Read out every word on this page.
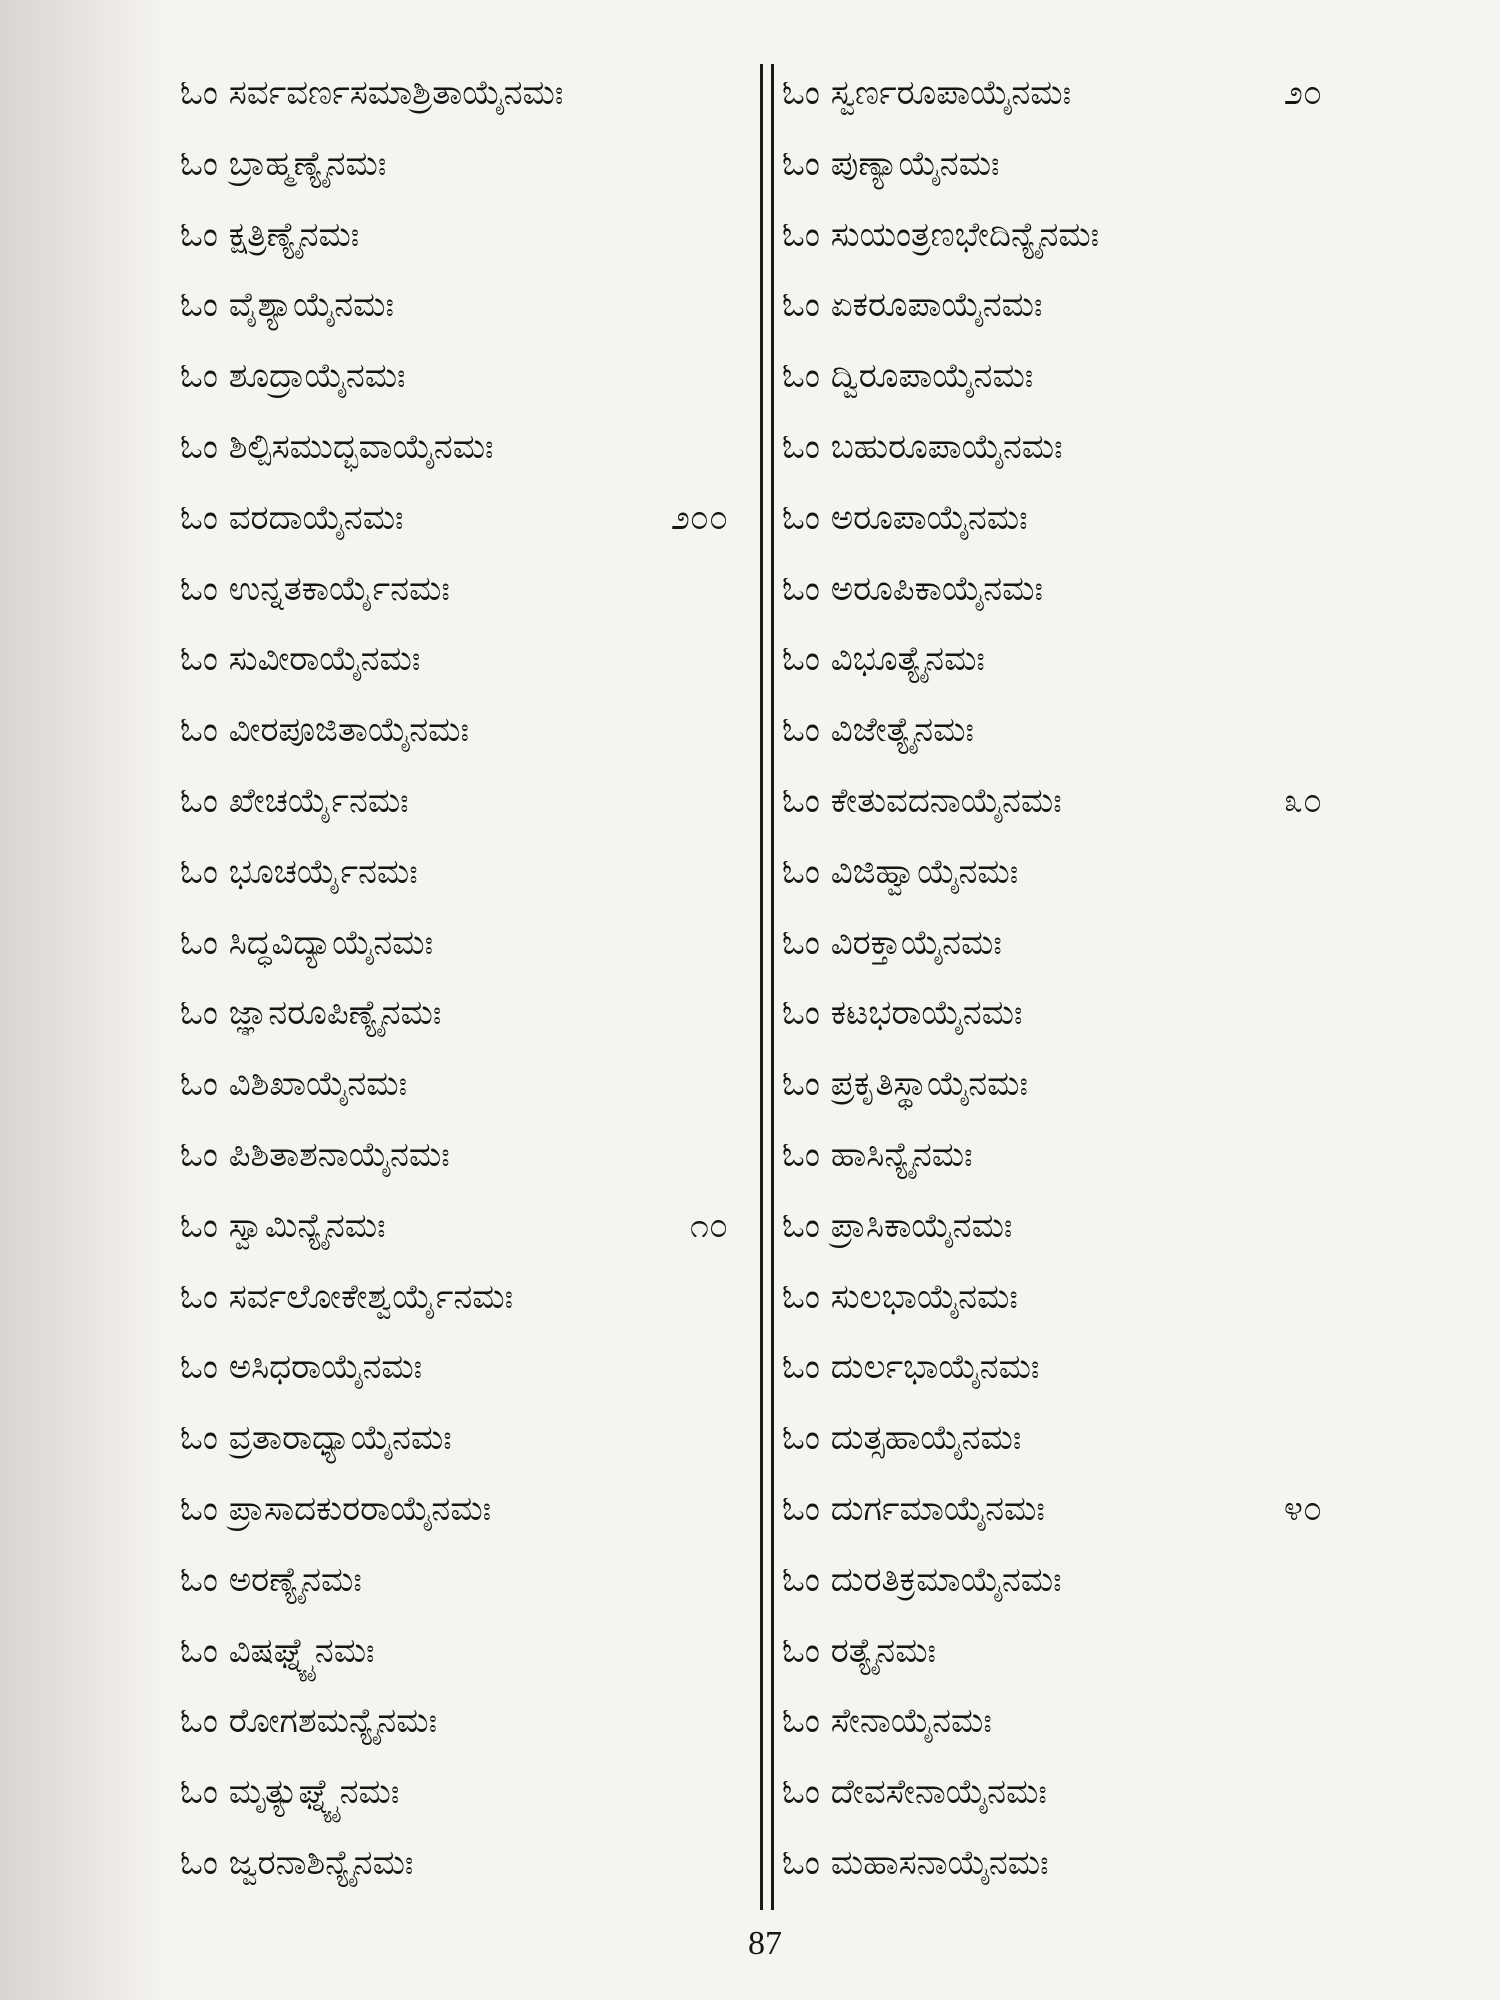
ಓಂ ಸರ್ವವರ್ಣಸಮಾಶ್ರಿತಾಯೈನಮಃ
ಓಂ ಬ್ರಾಹ್ಮಣ್ಯೈನಮಃ
ಓಂ ಕ್ಷತ್ರಿಣ್ಯೈನಮಃ
ಓಂ ವೈಶ್ಯಾಯೈನಮಃ
ಓಂ ಶೂದ್ರಾಯೈನಮಃ
ಓಂ ಶಿಲ್ಪಿಸಮುದ್ಭವಾಯೈನಮಃ
ಓಂ ವರದಾಯೈನಮಃ	೨೦೦
ಓಂ ಉನ್ನತಕಾರ್ಯೈನಮಃ
ಓಂ ಸುವೀರಾಯೈನಮಃ
ಓಂ ವೀರಪೂಜಿತಾಯೈನಮಃ
ಓಂ ಖೇಚರ್ಯೈನಮಃ
ಓಂ ಭೂಚರ್ಯೈನಮಃ
ಓಂ ಸಿದ್ಧವಿದ್ಯಾಯೈನಮಃ
ಓಂ ಜ್ಞಾನರೂಪಿಣ್ಯೈನಮಃ
ಓಂ ವಿಶಿಖಾಯೈನಮಃ
ಓಂ ಪಿಶಿತಾಶನಾಯೈನಮಃ
ಓಂ ಸ್ವಾಮಿನ್ಯೈನಮಃ	೧೦
ಓಂ ಸರ್ವಲೋಕೇಶ್ವರ್ಯೈನಮಃ
ಓಂ ಅಸಿಧರಾಯೈನಮಃ
ಓಂ ವ್ರತಾರಾಧ್ಯಾಯೈನಮಃ
ಓಂ ಪ್ರಾಸಾದಕುರರಾಯೈನಮಃ
ಓಂ ಅರಣ್ಯೈನಮಃ
ಓಂ ವಿಷಘ್ನ್ಯೈನಮಃ
ಓಂ ರೋಗಶಮನ್ಯೈನಮಃ
ಓಂ ಮೃತ್ಯುಘ್ನ್ಯೈನಮಃ
ಓಂ ಜ್ವರನಾಶಿನ್ಯೈನಮಃ
ಓಂ ಸ್ವರ್ಣರೂಪಾಯೈನಮಃ	೨೦
ಓಂ ಪುಣ್ಯಾಯೈನಮಃ
ಓಂ ಸುಯಂತ್ರಣಭೇದಿನ್ಯೈನಮಃ
ಓಂ ಏಕರೂಪಾಯೈನಮಃ
ಓಂ ದ್ವಿರೂಪಾಯೈನಮಃ
ಓಂ ಬಹುರೂಪಾಯೈನಮಃ
ಓಂ ಅರೂಪಾಯೈನಮಃ
ಓಂ ಅರೂಪಿಕಾಯೈನಮಃ
ಓಂ ವಿಭೂತ್ಯೈನಮಃ
ಓಂ ವಿಜೇತ್ಯೈನಮಃ
ಓಂ ಕೇತುವದನಾಯೈನಮಃ	೩೦
ಓಂ ವಿಜಿಹ್ವಾಯೈನಮಃ
ಓಂ ವಿರಕ್ತಾಯೈನಮಃ
ಓಂ ಕಟಭರಾಯೈನಮಃ
ಓಂ ಪ್ರಕೃತಿಸ್ಥಾಯೈನಮಃ
ಓಂ ಹಾಸಿನ್ಯೈನಮಃ
ಓಂ ಪ್ರಾಸಿಕಾಯೈನಮಃ
ಓಂ ಸುಲಭಾಯೈನಮಃ
ಓಂ ದುರ್ಲಭಾಯೈನಮಃ
ಓಂ ದುತ್ಸಹಾಯೈನಮಃ
ಓಂ ದುರ್ಗಮಾಯೈನಮಃ	೪೦
ಓಂ ದುರತಿಕ್ರಮಾಯೈನಮಃ
ಓಂ ರತ್ಯೈನಮಃ
ಓಂ ಸೇನಾಯೈನಮಃ
ಓಂ ದೇವಸೇನಾಯೈನಮಃ
ಓಂ ಮಹಾಸನಾಯೈನಮಃ
87
